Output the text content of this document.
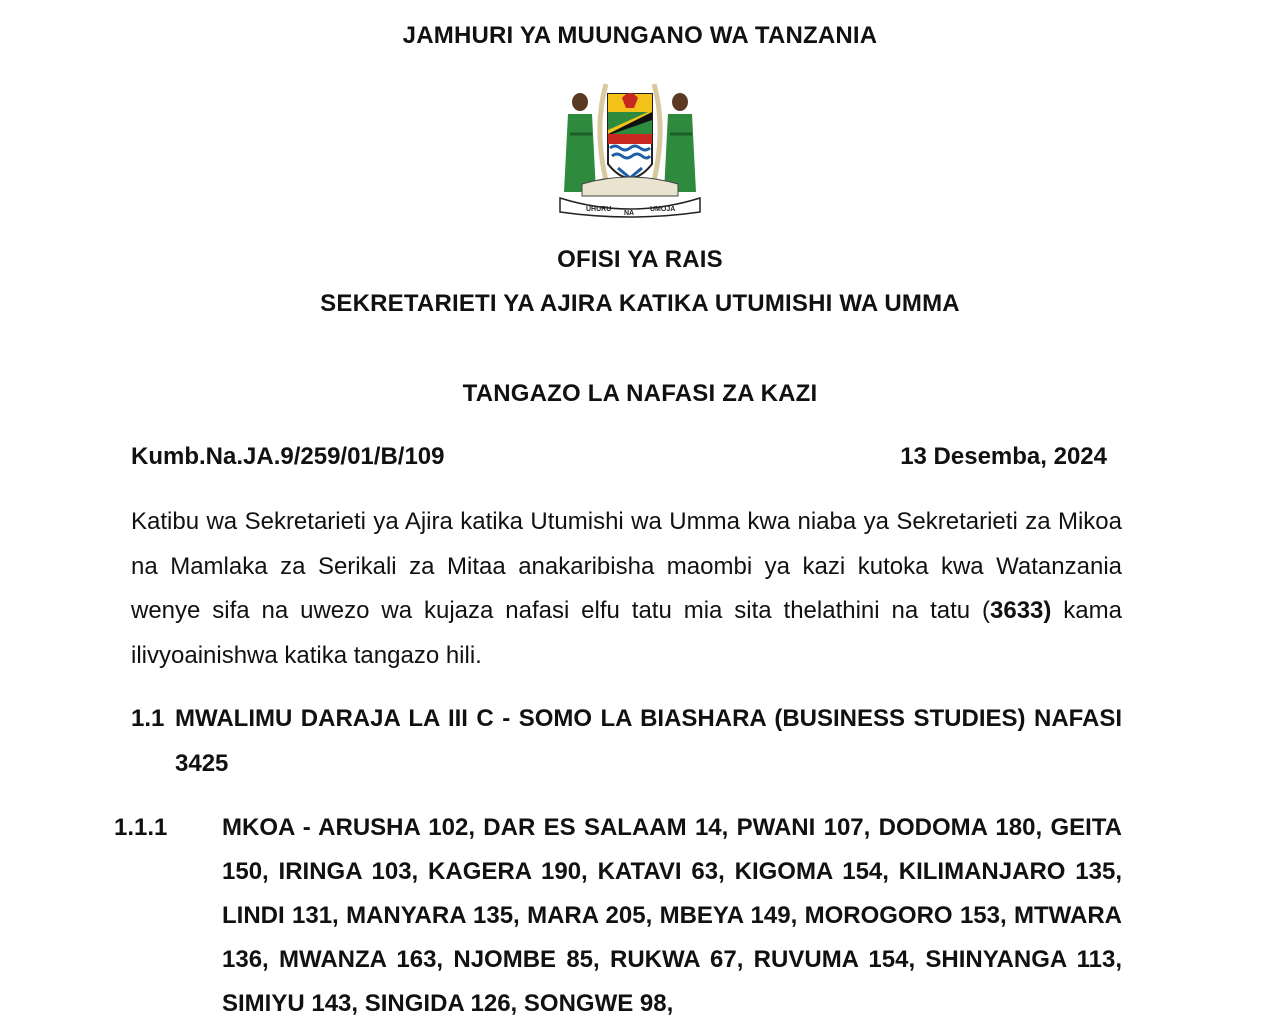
JAMHURI YA MUUNGANO WA TANZANIA
UHURU
NA
UMOJA
OFISI YA RAIS
SEKRETARIETI YA AJIRA KATIKA UTUMISHI WA UMMA
TANGAZO LA NAFASI ZA KAZI
Kumb.Na.JA.9/259/01/B/109	13 Desemba, 2024
Katibu wa Sekretarieti ya Ajira katika Utumishi wa Umma kwa niaba ya Sekretarieti za Mikoa na Mamlaka za Serikali za Mitaa anakaribisha maombi ya kazi kutoka kwa Watanzania wenye sifa na uwezo wa kujaza nafasi elfu tatu mia sita thelathini na tatu (3633) kama ilivyoainishwa katika tangazo hili.
1.1 MWALIMU DARAJA LA III C - SOMO LA BIASHARA (BUSINESS STUDIES) NAFASI 3425
1.1.1 MKOA - ARUSHA 102, DAR ES SALAAM 14, PWANI 107, DODOMA 180, GEITA 150, IRINGA 103, KAGERA 190, KATAVI 63, KIGOMA 154, KILIMANJARO 135, LINDI 131, MANYARA 135, MARA 205, MBEYA 149, MOROGORO 153, MTWARA 136, MWANZA 163, NJOMBE 85, RUKWA 67, RUVUMA 154, SHINYANGA 113, SIMIYU 143, SINGIDA 126, SONGWE 98,
